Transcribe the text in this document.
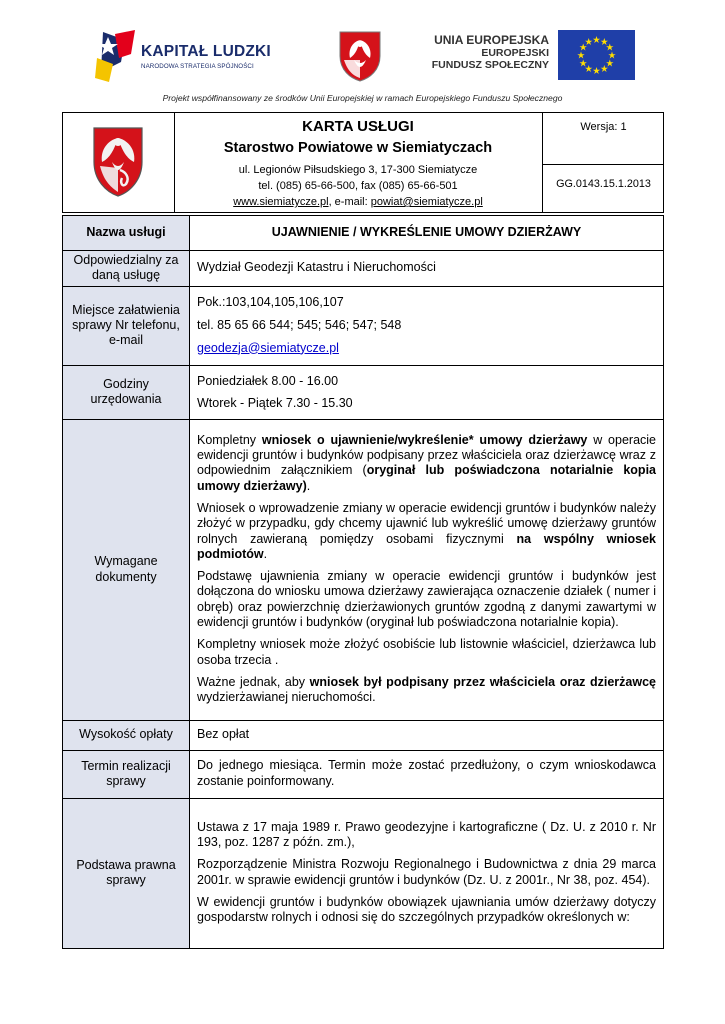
KAPITAŁ LUDZKI
NARODOWA STRATEGIA SPÓJNOŚCI
UNIA EUROPEJSKA
EUROPEJSKI
FUNDUSZ SPOŁECZNY
Projekt współfinansowany ze środków Unii Europejskiej w ramach Europejskiego Funduszu Społecznego
KARTA USŁUGI
Starostwo Powiatowe w Siemiatyczach
ul. Legionów Piłsudskiego 3, 17-300 Siemiatycze
tel. (085) 65-66-500, fax (085) 65-66-501
www.siemiatycze.pl, e-mail: powiat@siemiatycze.pl
Wersja: 1
GG.0143.15.1.2013
Nazwa usługi	UJAWNIENIE / WYKREŚLENIE UMOWY DZIERŻAWY
Odpowiedzialny za daną usługę	Wydział Geodezji Katastru i Nieruchomości
Miejsce załatwienia sprawy Nr telefonu, e-mail	Pok.:103,104,105,106,107
tel. 85 65 66 544; 545; 546; 547; 548
geodezja@siemiatycze.pl

Godziny urzędowania	Poniedziałek 8.00 - 16.00
Wtorek - Piątek 7.30 - 15.30

Wymagane dokumenty	Kompletny wniosek o ujawnienie/wykreślenie* umowy dzierżawy w operacie ewidencji gruntów i budynków podpisany przez właściciela oraz dzierżawcę wraz z odpowiednim załącznikiem (oryginał lub poświadczona notarialnie kopia umowy dzierżawy).

Wniosek o wprowadzenie zmiany w operacie ewidencji gruntów i budynków należy złożyć w przypadku, gdy chcemy ujawnić lub wykreślić umowę dzierżawy gruntów rolnych zawieraną pomiędzy osobami fizycznymi na wspólny wniosek podmiotów.

Podstawę ujawnienia zmiany w operacie ewidencji gruntów i budynków jest dołączona do wniosku umowa dzierżawy zawierająca oznaczenie działek ( numer i obręb) oraz powierzchnię dzierżawionych gruntów zgodną z danymi zawartymi w ewidencji gruntów i budynków (oryginał lub poświadczona notarialnie kopia).

Kompletny wniosek może złożyć osobiście lub listownie właściciel, dzierżawca lub osoba trzecia .

Ważne jednak, aby wniosek był podpisany przez właściciela oraz dzierżawcę wydzierżawianej nieruchomości.

Wysokość opłaty	Bez opłat
Termin realizacji sprawy	Do jednego miesiąca. Termin może zostać przedłużony, o czym wnioskodawca zostanie poinformowany.
Podstawa prawna sprawy	Ustawa z 17 maja 1989 r. Prawo geodezyjne i kartograficzne ( Dz. U. z 2010 r. Nr 193, poz. 1287 z późn. zm.),

Rozporządzenie Ministra Rozwoju Regionalnego i Budownictwa z dnia 29 marca 2001r. w sprawie ewidencji gruntów i budynków (Dz. U. z 2001r., Nr 38, poz. 454).

W ewidencji gruntów i budynków obowiązek ujawniania umów dzierżawy dotyczy gospodarstw rolnych i odnosi się do szczególnych przypadków określonych w:
